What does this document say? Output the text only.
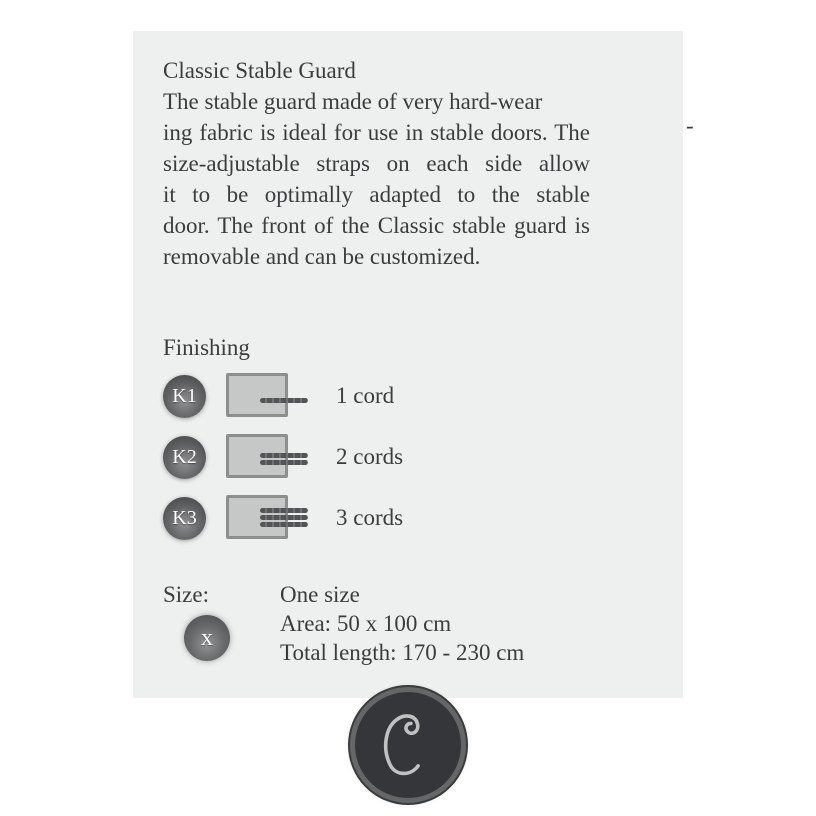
Classic Stable Guard
The stable guard made of very hard-wear
ing fabric is ideal for use in stable doors. The
size-adjustable straps on each side allow
it to be optimally adapted to the stable
door. The front of the Classic stable guard is
removable and can be customized.
-
Finishing
K1	1 cord
K2	2 cords
K3	3 cords
Size:
x
One size
Area: 50 x 100 cm
Total length: 170 - 230 cm
